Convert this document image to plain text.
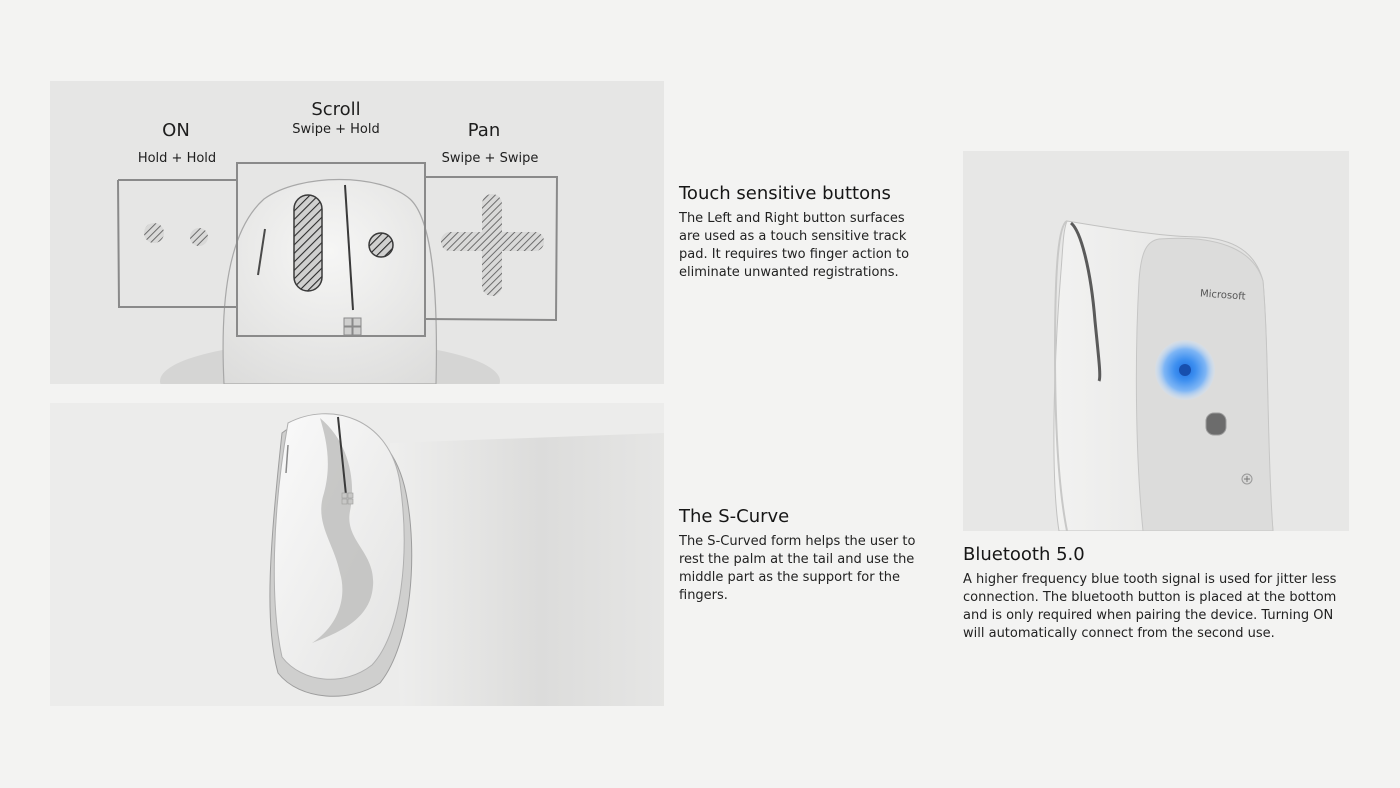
ON
Hold + Hold
Scroll
Swipe + Hold	Pan
Swipe + Swipe
Microsoft
Touch sensitive buttons

The Left and Right button surfaces are used as a touch sensitive track pad. It requires two finger action to eliminate unwanted registrations.

The S-Curve

The S-Curved form helps the user to rest the palm at the tail and use the middle part as the support for the fingers.

Bluetooth 5.0

A higher frequency blue tooth signal is used for jitter less connection. The bluetooth button is placed at the bottom and is only required when pairing the device. Turning ON will automatically connect from the second use.
